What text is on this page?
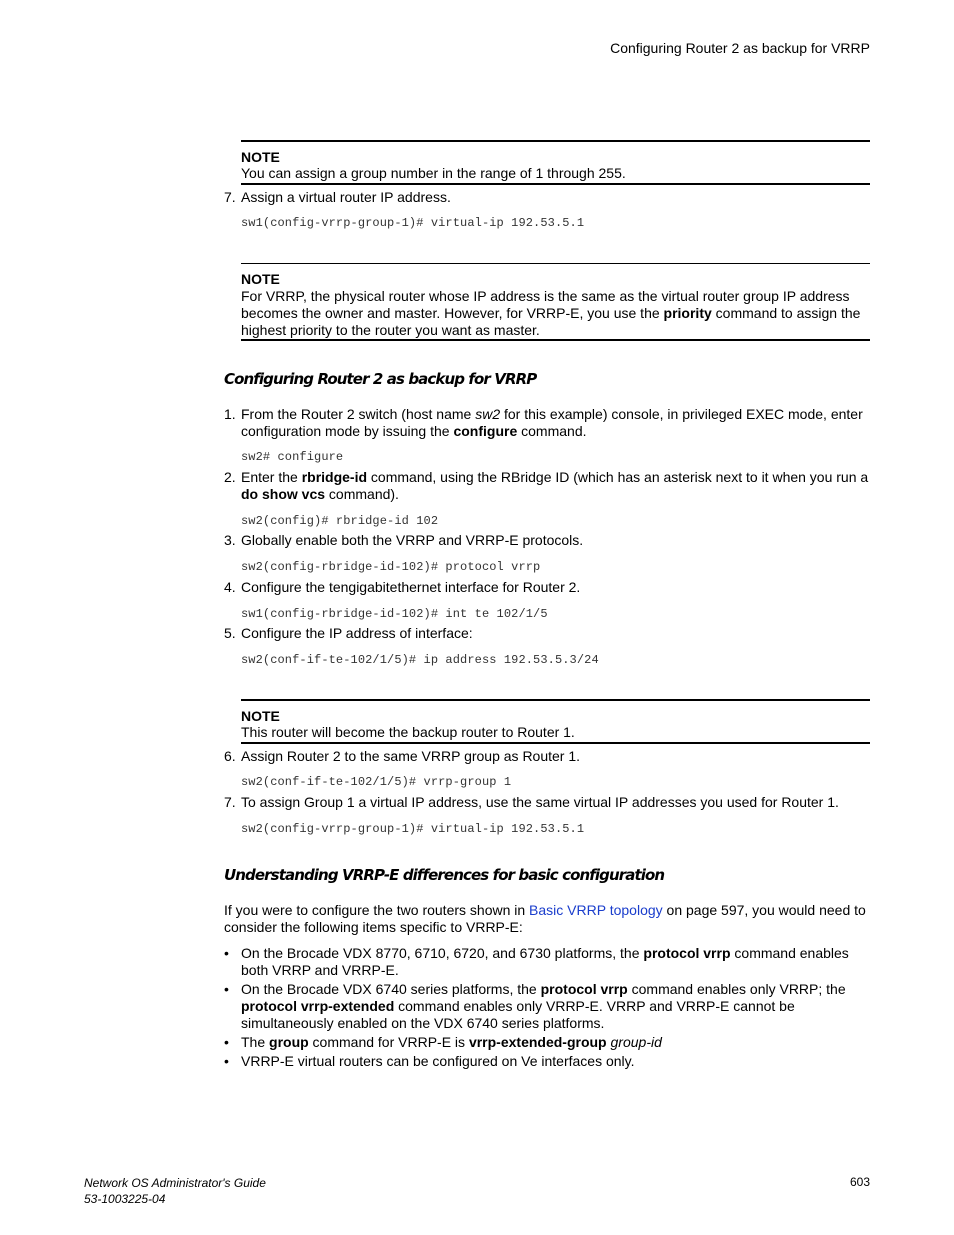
Configuring Router 2 as backup for VRRP
NOTE
You can assign a group number in the range of 1 through 255.
7. Assign a virtual router IP address.
sw1(config-vrrp-group-1)# virtual-ip 192.53.5.1
NOTE
For VRRP, the physical router whose IP address is the same as the virtual router group IP address becomes the owner and master. However, for VRRP-E, you use the priority command to assign the highest priority to the router you want as master.
Configuring Router 2 as backup for VRRP
1. From the Router 2 switch (host name sw2 for this example) console, in privileged EXEC mode, enter configuration mode by issuing the configure command.
sw2# configure
2. Enter the rbridge-id command, using the RBridge ID (which has an asterisk next to it when you run a do show vcs command).
sw2(config)# rbridge-id 102
3. Globally enable both the VRRP and VRRP-E protocols.
sw2(config-rbridge-id-102)# protocol vrrp
4. Configure the tengigabitethernet interface for Router 2.
sw1(config-rbridge-id-102)# int te 102/1/5
5. Configure the IP address of interface:
sw2(conf-if-te-102/1/5)# ip address 192.53.5.3/24
NOTE
This router will become the backup router to Router 1.
6. Assign Router 2 to the same VRRP group as Router 1.
sw2(conf-if-te-102/1/5)# vrrp-group 1
7. To assign Group 1 a virtual IP address, use the same virtual IP addresses you used for Router 1.
sw2(config-vrrp-group-1)# virtual-ip 192.53.5.1
Understanding VRRP-E differences for basic configuration
If you were to configure the two routers shown in Basic VRRP topology on page 597, you would need to consider the following items specific to VRRP-E:
• On the Brocade VDX 8770, 6710, 6720, and 6730 platforms, the protocol vrrp command enables both VRRP and VRRP-E.
• On the Brocade VDX 6740 series platforms, the protocol vrrp command enables only VRRP; the protocol vrrp-extended command enables only VRRP-E. VRRP and VRRP-E cannot be simultaneously enabled on the VDX 6740 series platforms.
• The group command for VRRP-E is vrrp-extended-group group-id
• VRRP-E virtual routers can be configured on Ve interfaces only.
Network OS Administrator's Guide
53-1003225-04
603
